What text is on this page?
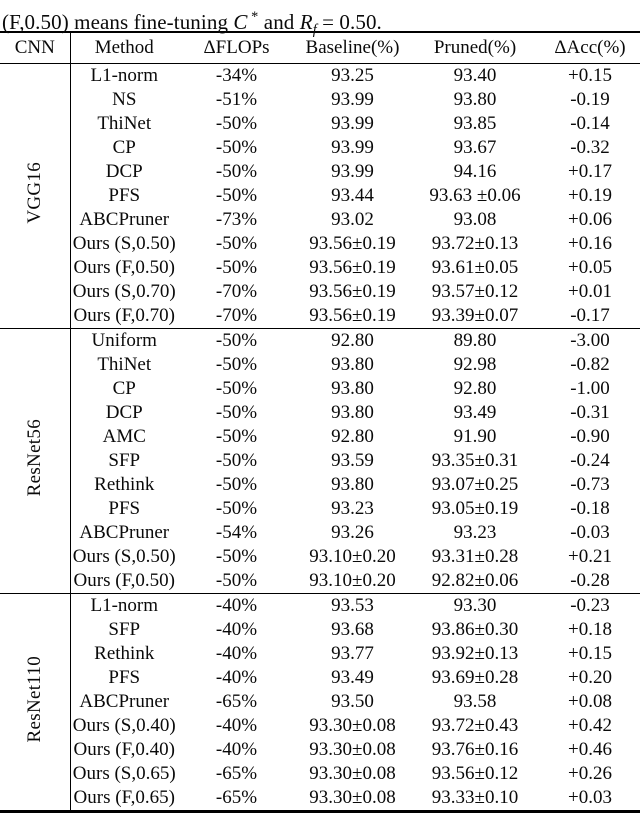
(F,0.50) means fine-tuning C * and $R_f = 0.50$.
CNN	Method	ΔFLOPs	Baseline(%)	Pruned(%)	ΔAcc(%)
VGG16	L1-norm	-34%	93.25	93.40	+0.15
	NS	-51%	93.99	93.80	-0.19
	ThiNet	-50%	93.99	93.85	-0.14
	CP	-50%	93.99	93.67	-0.32
	DCP	-50%	93.99	94.16	+0.17
	PFS	-50%	93.44	93.63 ±0.06	+0.19
	ABCPruner	-73%	93.02	93.08	+0.06
	Ours (S,0.50)	-50%	93.56±0.19	93.72±0.13	+0.16
	Ours (F,0.50)	-50%	93.56±0.19	93.61±0.05	+0.05
	Ours (S,0.70)	-70%	93.56±0.19	93.57±0.12	+0.01
	Ours (F,0.70)	-70%	93.56±0.19	93.39±0.07	-0.17
ResNet56	Uniform	-50%	92.80	89.80	-3.00
	ThiNet	-50%	93.80	92.98	-0.82
	CP	-50%	93.80	92.80	-1.00
	DCP	-50%	93.80	93.49	-0.31
	AMC	-50%	92.80	91.90	-0.90
	SFP	-50%	93.59	93.35±0.31	-0.24
	Rethink	-50%	93.80	93.07±0.25	-0.73
	PFS	-50%	93.23	93.05±0.19	-0.18
	ABCPruner	-54%	93.26	93.23	-0.03
	Ours (S,0.50)	-50%	93.10±0.20	93.31±0.28	+0.21
	Ours (F,0.50)	-50%	93.10±0.20	92.82±0.06	-0.28
ResNet110	L1-norm	-40%	93.53	93.30	-0.23
	SFP	-40%	93.68	93.86±0.30	+0.18
	Rethink	-40%	93.77	93.92±0.13	+0.15
	PFS	-40%	93.49	93.69±0.28	+0.20
	ABCPruner	-65%	93.50	93.58	+0.08
	Ours (S,0.40)	-40%	93.30±0.08	93.72±0.43	+0.42
	Ours (F,0.40)	-40%	93.30±0.08	93.76±0.16	+0.46
	Ours (S,0.65)	-65%	93.30±0.08	93.56±0.12	+0.26
	Ours (F,0.65)	-65%	93.30±0.08	93.33±0.10	+0.03
